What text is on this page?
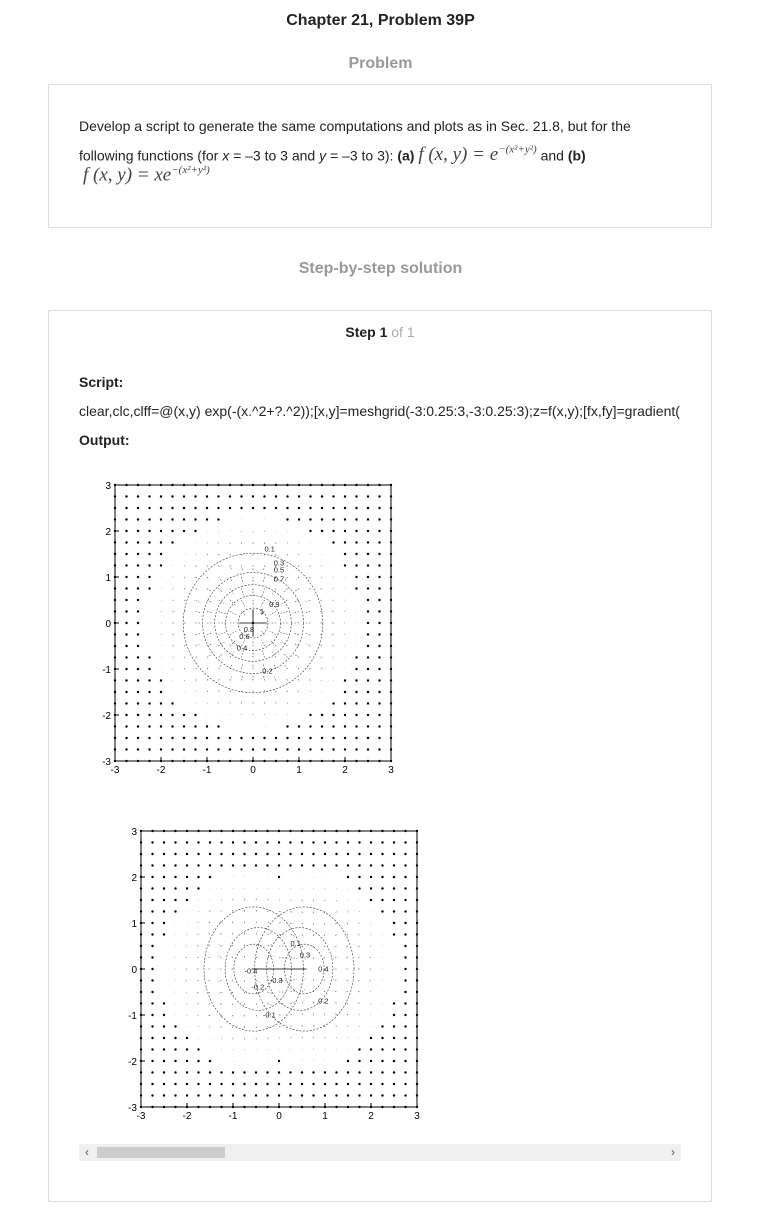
Chapter 21, Problem 39P
Problem
Develop a script to generate the same computations and plots as in Sec. 21.8, but for the following functions (for x = –3 to 3 and y = –3 to 3): (a) f (x, $y) = e^{-(x^2+y^2)}$ and (b)
f (x, $y) = xe^{-(x^2+y^2)}$
Step-by-step solution
Step 1 of 1
Script:
clear,clc,clff=@(x,y) exp(-(x.^2+?.^2));[x,y]=meshgrid(-3:0.25:3,-3:0.25:3);z=f(x,y);[fx,fy]=gradient(
Output:
-3	-2	-1	0	1	2	3
3
2
1
0
-1
-2
-3
0.1
0.3
0.5
0.7
0.9
0.8
0.6
0.4
0.2
1
-3	-2	-1	0	1	2	3
3
2
1
0
-1
-2
-3
-0.4
-0.3
-0.2
-0.1
0.1
0.3
0.4
0.2
‹	›
